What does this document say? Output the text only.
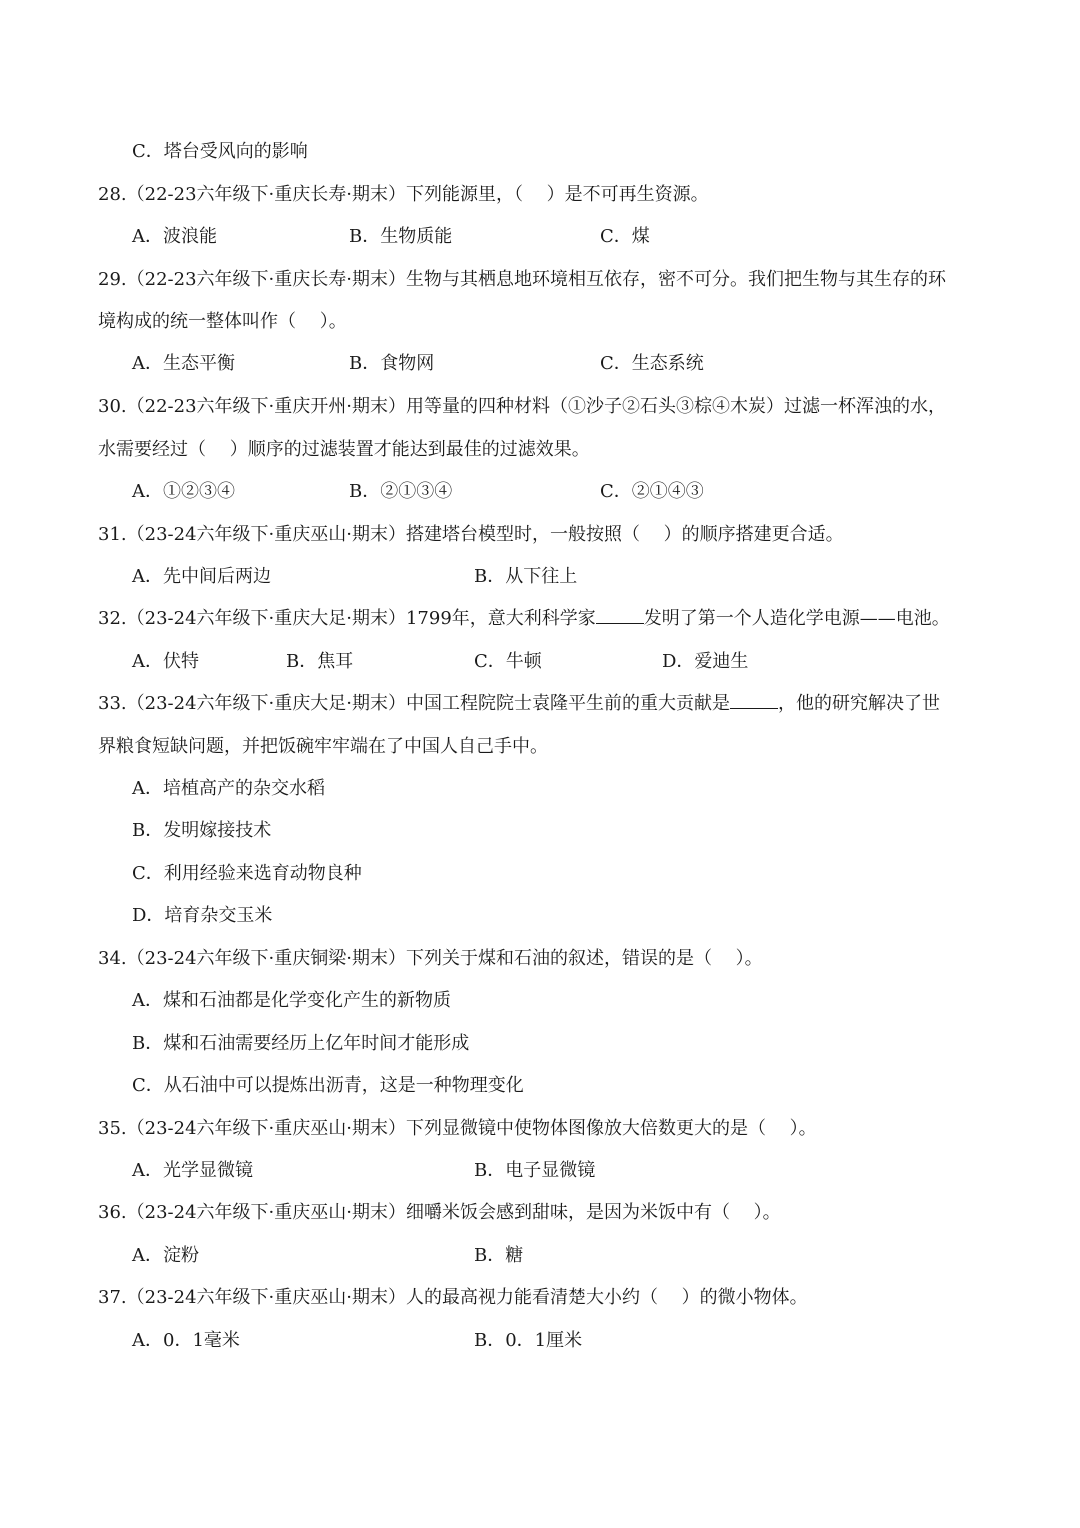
C．塔台受风向的影响
28.（22-23六年级下·重庆长寿·期末）下列能源里，（　 ）是不可再生资源。
A．波浪能	B．生物质能	C．煤
29.（22-23六年级下·重庆长寿·期末）生物与其栖息地环境相互依存，密不可分。我们把生物与其生存的环
境构成的统一整体叫作（　 ）。
A．生态平衡	B．食物网	C．生态系统
30.（22-23六年级下·重庆开州·期末）用等量的四种材料（①沙子②石头③棕④木炭）过滤一杯浑浊的水，
水需要经过（　 ）顺序的过滤装置才能达到最佳的过滤效果。
A．①②③④	B．②①③④	C．②①④③
31.（23-24六年级下·重庆巫山·期末）搭建塔台模型时，一般按照（　 ）的顺序搭建更合适。
A．先中间后两边	B．从下往上
32.（23-24六年级下·重庆大足·期末）1799年，意大利科学家	发明了第一个人造化学电源——电池。
A．伏特	B．焦耳	C．牛顿	D．爱迪生
33.（23-24六年级下·重庆大足·期末）中国工程院院士袁隆平生前的重大贡献是	，他的研究解决了世
界粮食短缺问题，并把饭碗牢牢端在了中国人自己手中。
A．培植高产的杂交水稻
B．发明嫁接技术
C．利用经验来选育动物良种
D．培育杂交玉米
34.（23-24六年级下·重庆铜梁·期末）下列关于煤和石油的叙述，错误的是（　 ）。
A．煤和石油都是化学变化产生的新物质
B．煤和石油需要经历上亿年时间才能形成
C．从石油中可以提炼出沥青，这是一种物理变化
35.（23-24六年级下·重庆巫山·期末）下列显微镜中使物体图像放大倍数更大的是（　 ）。
A．光学显微镜	B．电子显微镜
36.（23-24六年级下·重庆巫山·期末）细嚼米饭会感到甜味，是因为米饭中有（　 ）。
A．淀粉	B．糖
37.（23-24六年级下·重庆巫山·期末）人的最高视力能看清楚大小约（　 ）的微小物体。
A．0．1毫米	B．0．1厘米
